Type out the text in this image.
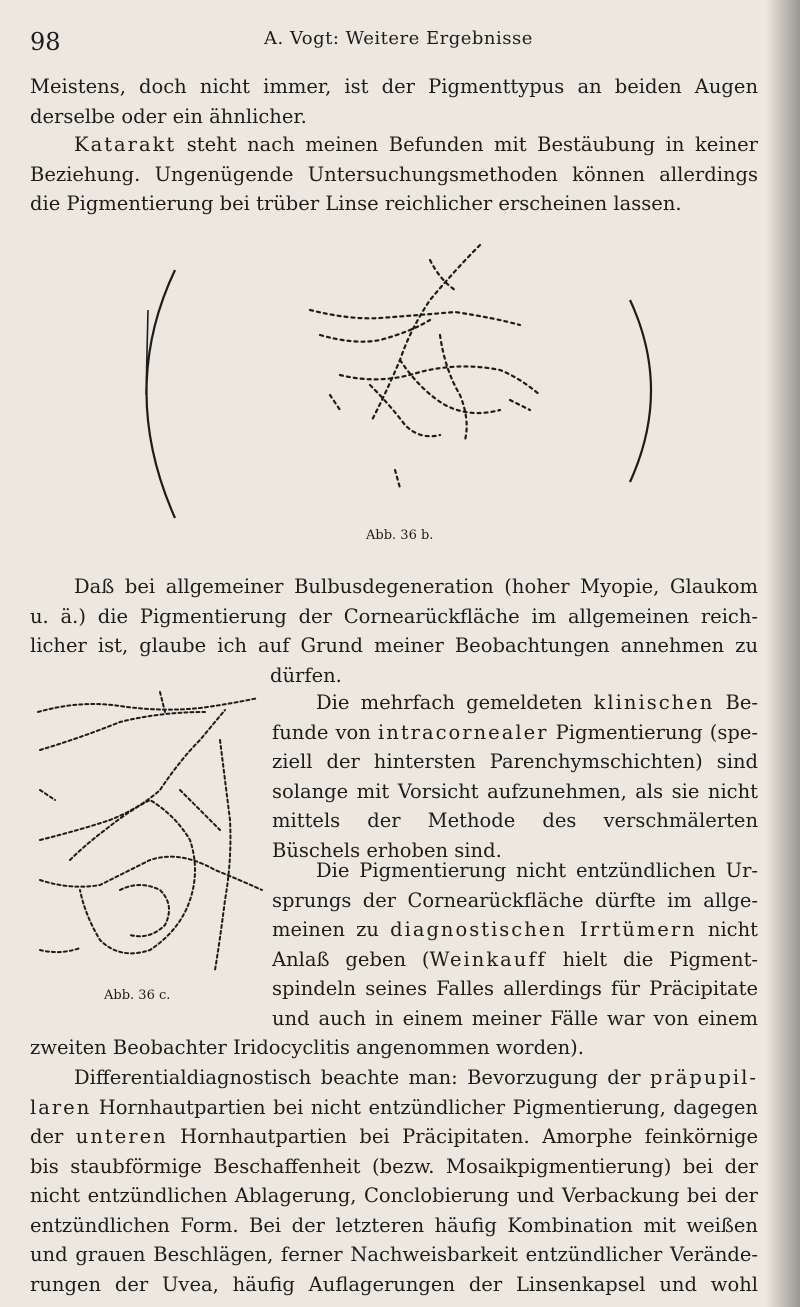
98	A. Vogt: Weitere Ergebnisse
Meistens, doch nicht immer, ist der Pigmenttypus an beiden Augen
derselbe oder ein ähnlicher.
Katarakt steht nach meinen Befunden mit Bestäubung in keiner
Beziehung. Ungenügende Untersuchungsmethoden können allerdings
die Pigmentierung bei trüber Linse reichlicher erscheinen lassen.
Abb. 36 b.
Daß bei allgemeiner Bulbusdegeneration (hoher Myopie, Glaukom
u. ä.) die Pigmentierung der Cornearückfläche im allgemeinen reich-
licher ist, glaube ich auf Grund meiner Beobachtungen annehmen zu
dürfen.
Abb. 36 c.
Die mehrfach gemeldeten klinischen Be-
funde von intracornealer Pigmentierung (spe-
ziell der hintersten Parenchymschichten) sind
solange mit Vorsicht aufzunehmen, als sie nicht
mittels der Methode des verschmälerten
Büschels erhoben sind.
Die Pigmentierung nicht entzündlichen Ur-
sprungs der Cornearückfläche dürfte im allge-
meinen zu diagnostischen Irrtümern nicht
Anlaß geben (Weinkauff hielt die Pigment-
spindeln seines Falles allerdings für Präcipitate
und auch in einem meiner Fälle war von einem
zweiten Beobachter Iridocyclitis angenommen worden).
Differentialdiagnostisch beachte man: Bevorzugung der präpupil-
laren Hornhautpartien bei nicht entzündlicher Pigmentierung, dagegen
der unteren Hornhautpartien bei Präcipitaten. Amorphe feinkörnige
bis staubförmige Beschaffenheit (bezw. Mosaikpigmentierung) bei der
nicht entzündlichen Ablagerung, Conclobierung und Verbackung bei der
entzündlichen Form. Bei der letzteren häufig Kombination mit weißen
und grauen Beschlägen, ferner Nachweisbarkeit entzündlicher Verände-
rungen der Uvea, häufig Auflagerungen der Linsenkapsel und wohl
